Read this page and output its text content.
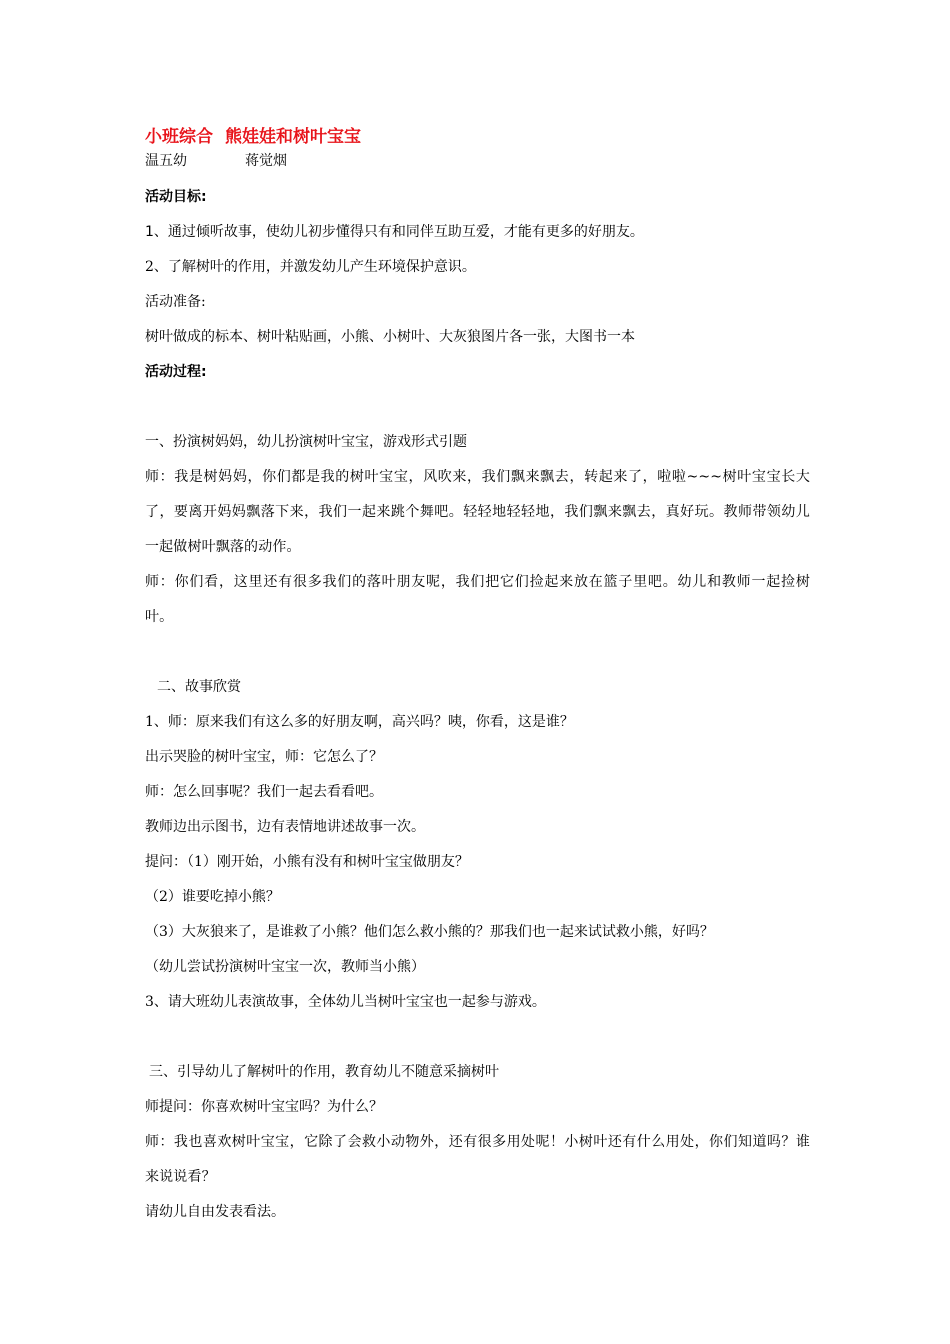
小班综合 熊娃娃和树叶宝宝

温五幼	蒋觉烟

活动目标:

1、通过倾听故事，使幼儿初步懂得只有和同伴互助互爱，才能有更多的好朋友。

2、了解树叶的作用，并激发幼儿产生环境保护意识。

活动准备:

树叶做成的标本、树叶粘贴画，小熊、小树叶、大灰狼图片各一张，大图书一本

活动过程:

一、扮演树妈妈，幼儿扮演树叶宝宝，游戏形式引题

师：我是树妈妈，你们都是我的树叶宝宝，风吹来，我们飘来飘去，转起来了，啦啦~~~树叶宝宝长大了，要离开妈妈飘落下来，我们一起来跳个舞吧。轻轻地轻轻地，我们飘来飘去，真好玩。教师带领幼儿一起做树叶飘落的动作。

师：你们看，这里还有很多我们的落叶朋友呢，我们把它们捡起来放在篮子里吧。幼儿和教师一起捡树叶。

二、故事欣赏

1、师：原来我们有这么多的好朋友啊，高兴吗？咦，你看，这是谁？

出示哭脸的树叶宝宝，师：它怎么了？

师：怎么回事呢？我们一起去看看吧。

教师边出示图书，边有表情地讲述故事一次。

提问：（1）刚开始，小熊有没有和树叶宝宝做朋友？

（2）谁要吃掉小熊？

（3）大灰狼来了，是谁救了小熊？他们怎么救小熊的？那我们也一起来试试救小熊，好吗？

（幼儿尝试扮演树叶宝宝一次，教师当小熊）

3、请大班幼儿表演故事，全体幼儿当树叶宝宝也一起参与游戏。

三、引导幼儿了解树叶的作用，教育幼儿不随意采摘树叶

师提问：你喜欢树叶宝宝吗？为什么？

师：我也喜欢树叶宝宝，它除了会救小动物外，还有很多用处呢！小树叶还有什么用处，你们知道吗？谁来说说看？

请幼儿自由发表看法。
